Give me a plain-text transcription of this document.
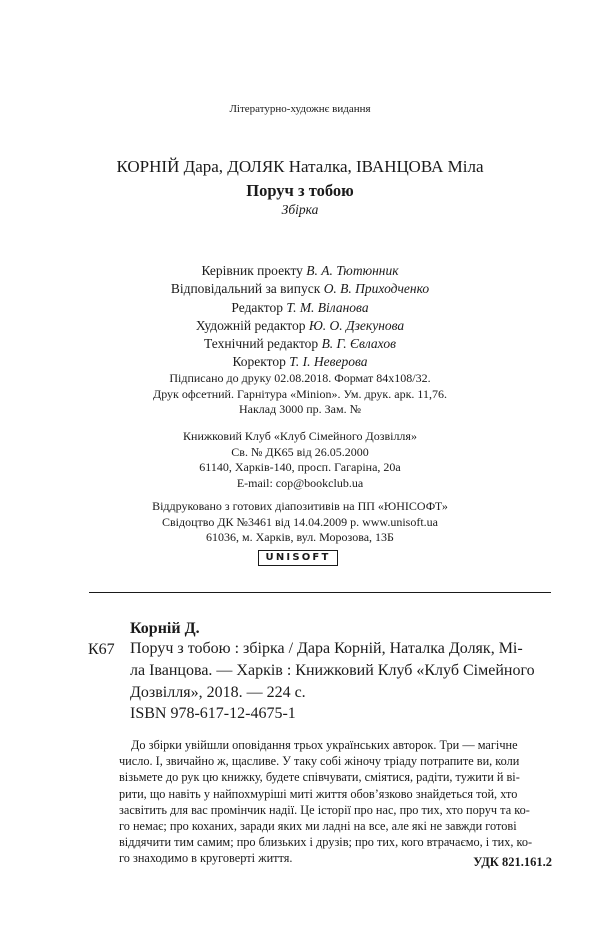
Літературно-художнє видання
КОРНІЙ Дара, ДОЛЯК Наталка, ІВАНЦОВА Міла
Поруч з тобою
Збірка
Керівник проекту В. А. Тютюнник
Відповідальний за випуск О. В. Приходченко
Редактор Т. М. Віланова
Художній редактор Ю. О. Дзекунова
Технічний редактор В. Г. Євлахов
Коректор Т. І. Неверова
Підписано до друку 02.08.2018. Формат 84x108/32.
Друк офсетний. Гарнітура «Minion». Ум. друк. арк. 11,76.
Наклад 3000 пр. Зам. №
Книжковий Клуб «Клуб Сімейного Дозвілля»
Св. № ДК65 від 26.05.2000
61140, Харків-140, просп. Гагаріна, 20а
E-mail: cop@bookclub.ua
Віддруковано з готових діапозитивів на ПП «ЮНІСОФТ»
Свідоцтво ДК №3461 від 14.04.2009 р. www.unisoft.ua
61036, м. Харків, вул. Морозова, 13Б
UNISOFT
Корній Д.
К67 Поруч з тобою : збірка / Дара Корній, Наталка Доляк, Мі-
ла Іванцова. — Харків : Книжковий Клуб «Клуб Сімейного
Дозвілля», 2018. — 224 с.
ISBN 978-617-12-4675-1
До збірки увійшли оповідання трьох українських авторок. Три — магічне
число. І, звичайно ж, щасливе. У таку собі жіночу тріаду потрапите ви, коли
візьмете до рук цю книжку, будете співчувати, сміятися, радіти, тужити й ві-
рити, що навіть у найпохмуріші миті життя обов’язково знайдеться той, хто
засвітить для вас промінчик надії. Це історії про нас, про тих, хто поруч та ко-
го немає; про коханих, заради яких ми ладні на все, але які не завжди готові
віддячити тим самим; про близьких і друзів; про тих, кого втрачаємо, і тих, ко-
го знаходимо в круговерті життя.	УДК 821.161.2
